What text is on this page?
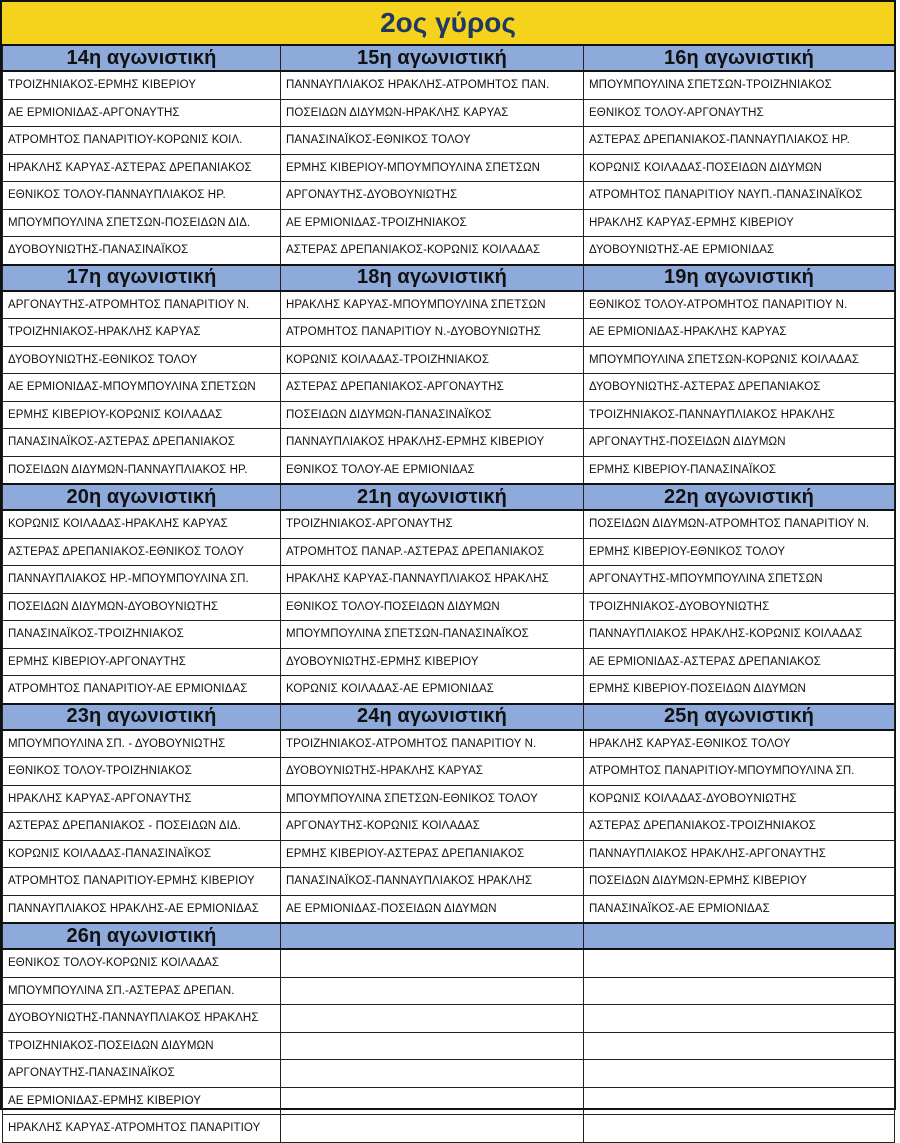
2ος γύρος
14η αγωνιστική	15η αγωνιστική	16η αγωνιστική
ΤΡΟΙΖΗΝΙΑΚΟΣ-ΕΡΜΗΣ ΚΙΒΕΡΙΟΥ	ΠΑΝΝΑΥΠΛΙΑΚΟΣ ΗΡΑΚΛΗΣ-ΑΤΡΟΜΗΤΟΣ ΠΑΝ.	ΜΠΟΥΜΠΟΥΛΙΝΑ ΣΠΕΤΣΩΝ-ΤΡΟΙΖΗΝΙΑΚΟΣ
ΑΕ ΕΡΜΙΟΝΙΔΑΣ-ΑΡΓΟΝΑΥΤΗΣ	ΠΟΣΕΙΔΩΝ ΔΙΔΥΜΩΝ-ΗΡΑΚΛΗΣ ΚΑΡΥΑΣ	ΕΘΝΙΚΟΣ ΤΟΛΟΥ-ΑΡΓΟΝΑΥΤΗΣ
ΑΤΡΟΜΗΤΟΣ ΠΑΝΑΡΙΤΙΟΥ-ΚΟΡΩΝΙΣ ΚΟΙΛ.	ΠΑΝΑΣΙΝΑΪΚΟΣ-ΕΘΝΙΚΟΣ ΤΟΛΟΥ	ΑΣΤΕΡΑΣ ΔΡΕΠΑΝΙΑΚΟΣ-ΠΑΝΝΑΥΠΛΙΑΚΟΣ ΗΡ.
ΗΡΑΚΛΗΣ ΚΑΡΥΑΣ-ΑΣΤΕΡΑΣ ΔΡΕΠΑΝΙΑΚΟΣ	ΕΡΜΗΣ ΚΙΒΕΡΙΟΥ-ΜΠΟΥΜΠΟΥΛΙΝΑ ΣΠΕΤΣΩΝ	ΚΟΡΩΝΙΣ ΚΟΙΛΑΔΑΣ-ΠΟΣΕΙΔΩΝ ΔΙΔΥΜΩΝ
ΕΘΝΙΚΟΣ ΤΟΛΟΥ-ΠΑΝΝΑΥΠΛΙΑΚΟΣ ΗΡ.	ΑΡΓΟΝΑΥΤΗΣ-ΔΥΟΒΟΥΝΙΩΤΗΣ	ΑΤΡΟΜΗΤΟΣ ΠΑΝΑΡΙΤΙΟΥ ΝΑΥΠ.-ΠΑΝΑΣΙΝΑΪΚΟΣ
ΜΠΟΥΜΠΟΥΛΙΝΑ ΣΠΕΤΣΩΝ-ΠΟΣΕΙΔΩΝ ΔΙΔ.	ΑΕ ΕΡΜΙΟΝΙΔΑΣ-ΤΡΟΙΖΗΝΙΑΚΟΣ	ΗΡΑΚΛΗΣ ΚΑΡΥΑΣ-ΕΡΜΗΣ ΚΙΒΕΡΙΟΥ
ΔΥΟΒΟΥΝΙΩΤΗΣ-ΠΑΝΑΣΙΝΑΪΚΟΣ	ΑΣΤΕΡΑΣ ΔΡΕΠΑΝΙΑΚΟΣ-ΚΟΡΩΝΙΣ ΚΟΙΛΑΔΑΣ	ΔΥΟΒΟΥΝΙΩΤΗΣ-ΑΕ ΕΡΜΙΟΝΙΔΑΣ
17η αγωνιστική	18η αγωνιστική	19η αγωνιστική
ΑΡΓΟΝΑΥΤΗΣ-ΑΤΡΟΜΗΤΟΣ ΠΑΝΑΡΙΤΙΟΥ Ν.	ΗΡΑΚΛΗΣ ΚΑΡΥΑΣ-ΜΠΟΥΜΠΟΥΛΙΝΑ ΣΠΕΤΣΩΝ	ΕΘΝΙΚΟΣ ΤΟΛΟΥ-ΑΤΡΟΜΗΤΟΣ ΠΑΝΑΡΙΤΙΟΥ Ν.
ΤΡΟΙΖΗΝΙΑΚΟΣ-ΗΡΑΚΛΗΣ ΚΑΡΥΑΣ	ΑΤΡΟΜΗΤΟΣ ΠΑΝΑΡΙΤΙΟΥ Ν.-ΔΥΟΒΟΥΝΙΩΤΗΣ	ΑΕ ΕΡΜΙΟΝΙΔΑΣ-ΗΡΑΚΛΗΣ ΚΑΡΥΑΣ
ΔΥΟΒΟΥΝΙΩΤΗΣ-ΕΘΝΙΚΟΣ ΤΟΛΟΥ	ΚΟΡΩΝΙΣ ΚΟΙΛΑΔΑΣ-ΤΡΟΙΖΗΝΙΑΚΟΣ	ΜΠΟΥΜΠΟΥΛΙΝΑ ΣΠΕΤΣΩΝ-ΚΟΡΩΝΙΣ ΚΟΙΛΑΔΑΣ
ΑΕ ΕΡΜΙΟΝΙΔΑΣ-ΜΠΟΥΜΠΟΥΛΙΝΑ ΣΠΕΤΣΩΝ	ΑΣΤΕΡΑΣ ΔΡΕΠΑΝΙΑΚΟΣ-ΑΡΓΟΝΑΥΤΗΣ	ΔΥΟΒΟΥΝΙΩΤΗΣ-ΑΣΤΕΡΑΣ ΔΡΕΠΑΝΙΑΚΟΣ
ΕΡΜΗΣ ΚΙΒΕΡΙΟΥ-ΚΟΡΩΝΙΣ ΚΟΙΛΑΔΑΣ	ΠΟΣΕΙΔΩΝ ΔΙΔΥΜΩΝ-ΠΑΝΑΣΙΝΑΪΚΟΣ	ΤΡΟΙΖΗΝΙΑΚΟΣ-ΠΑΝΝΑΥΠΛΙΑΚΟΣ ΗΡΑΚΛΗΣ
ΠΑΝΑΣΙΝΑΪΚΟΣ-ΑΣΤΕΡΑΣ ΔΡΕΠΑΝΙΑΚΟΣ	ΠΑΝΝΑΥΠΛΙΑΚΟΣ ΗΡΑΚΛΗΣ-ΕΡΜΗΣ ΚΙΒΕΡΙΟΥ	ΑΡΓΟΝΑΥΤΗΣ-ΠΟΣΕΙΔΩΝ ΔΙΔΥΜΩΝ
ΠΟΣΕΙΔΩΝ ΔΙΔΥΜΩΝ-ΠΑΝΝΑΥΠΛΙΑΚΟΣ ΗΡ.	ΕΘΝΙΚΟΣ ΤΟΛΟΥ-ΑΕ ΕΡΜΙΟΝΙΔΑΣ	ΕΡΜΗΣ ΚΙΒΕΡΙΟΥ-ΠΑΝΑΣΙΝΑΪΚΟΣ
20η αγωνιστική	21η αγωνιστική	22η αγωνιστική
ΚΟΡΩΝΙΣ ΚΟΙΛΑΔΑΣ-ΗΡΑΚΛΗΣ ΚΑΡΥΑΣ	ΤΡΟΙΖΗΝΙΑΚΟΣ-ΑΡΓΟΝΑΥΤΗΣ	ΠΟΣΕΙΔΩΝ ΔΙΔΥΜΩΝ-ΑΤΡΟΜΗΤΟΣ ΠΑΝΑΡΙΤΙΟΥ Ν.
ΑΣΤΕΡΑΣ ΔΡΕΠΑΝΙΑΚΟΣ-ΕΘΝΙΚΟΣ ΤΟΛΟΥ	ΑΤΡΟΜΗΤΟΣ ΠΑΝΑΡ.-ΑΣΤΕΡΑΣ ΔΡΕΠΑΝΙΑΚΟΣ	ΕΡΜΗΣ ΚΙΒΕΡΙΟΥ-ΕΘΝΙΚΟΣ ΤΟΛΟΥ
ΠΑΝΝΑΥΠΛΙΑΚΟΣ ΗΡ.-ΜΠΟΥΜΠΟΥΛΙΝΑ ΣΠ.	ΗΡΑΚΛΗΣ ΚΑΡΥΑΣ-ΠΑΝΝΑΥΠΛΙΑΚΟΣ ΗΡΑΚΛΗΣ	ΑΡΓΟΝΑΥΤΗΣ-ΜΠΟΥΜΠΟΥΛΙΝΑ ΣΠΕΤΣΩΝ
ΠΟΣΕΙΔΩΝ ΔΙΔΥΜΩΝ-ΔΥΟΒΟΥΝΙΩΤΗΣ	ΕΘΝΙΚΟΣ ΤΟΛΟΥ-ΠΟΣΕΙΔΩΝ ΔΙΔΥΜΩΝ	ΤΡΟΙΖΗΝΙΑΚΟΣ-ΔΥΟΒΟΥΝΙΩΤΗΣ
ΠΑΝΑΣΙΝΑΪΚΟΣ-ΤΡΟΙΖΗΝΙΑΚΟΣ	ΜΠΟΥΜΠΟΥΛΙΝΑ ΣΠΕΤΣΩΝ-ΠΑΝΑΣΙΝΑΪΚΟΣ	ΠΑΝΝΑΥΠΛΙΑΚΟΣ ΗΡΑΚΛΗΣ-ΚΟΡΩΝΙΣ ΚΟΙΛΑΔΑΣ
ΕΡΜΗΣ ΚΙΒΕΡΙΟΥ-ΑΡΓΟΝΑΥΤΗΣ	ΔΥΟΒΟΥΝΙΩΤΗΣ-ΕΡΜΗΣ ΚΙΒΕΡΙΟΥ	ΑΕ ΕΡΜΙΟΝΙΔΑΣ-ΑΣΤΕΡΑΣ ΔΡΕΠΑΝΙΑΚΟΣ
ΑΤΡΟΜΗΤΟΣ ΠΑΝΑΡΙΤΙΟΥ-ΑΕ ΕΡΜΙΟΝΙΔΑΣ	ΚΟΡΩΝΙΣ ΚΟΙΛΑΔΑΣ-ΑΕ ΕΡΜΙΟΝΙΔΑΣ	ΕΡΜΗΣ ΚΙΒΕΡΙΟΥ-ΠΟΣΕΙΔΩΝ ΔΙΔΥΜΩΝ
23η αγωνιστική	24η αγωνιστική	25η αγωνιστική
ΜΠΟΥΜΠΟΥΛΙΝΑ ΣΠ. - ΔΥΟΒΟΥΝΙΩΤΗΣ	ΤΡΟΙΖΗΝΙΑΚΟΣ-ΑΤΡΟΜΗΤΟΣ ΠΑΝΑΡΙΤΙΟΥ Ν.	ΗΡΑΚΛΗΣ ΚΑΡΥΑΣ-ΕΘΝΙΚΟΣ ΤΟΛΟΥ
ΕΘΝΙΚΟΣ ΤΟΛΟΥ-ΤΡΟΙΖΗΝΙΑΚΟΣ	ΔΥΟΒΟΥΝΙΩΤΗΣ-ΗΡΑΚΛΗΣ ΚΑΡΥΑΣ	ΑΤΡΟΜΗΤΟΣ ΠΑΝΑΡΙΤΙΟΥ-ΜΠΟΥΜΠΟΥΛΙΝΑ ΣΠ.
ΗΡΑΚΛΗΣ ΚΑΡΥΑΣ-ΑΡΓΟΝΑΥΤΗΣ	ΜΠΟΥΜΠΟΥΛΙΝΑ ΣΠΕΤΣΩΝ-ΕΘΝΙΚΟΣ ΤΟΛΟΥ	ΚΟΡΩΝΙΣ ΚΟΙΛΑΔΑΣ-ΔΥΟΒΟΥΝΙΩΤΗΣ
ΑΣΤΕΡΑΣ ΔΡΕΠΑΝΙΑΚΟΣ - ΠΟΣΕΙΔΩΝ ΔΙΔ.	ΑΡΓΟΝΑΥΤΗΣ-ΚΟΡΩΝΙΣ ΚΟΙΛΑΔΑΣ	ΑΣΤΕΡΑΣ ΔΡΕΠΑΝΙΑΚΟΣ-ΤΡΟΙΖΗΝΙΑΚΟΣ
ΚΟΡΩΝΙΣ ΚΟΙΛΑΔΑΣ-ΠΑΝΑΣΙΝΑΪΚΟΣ	ΕΡΜΗΣ ΚΙΒΕΡΙΟΥ-ΑΣΤΕΡΑΣ ΔΡΕΠΑΝΙΑΚΟΣ	ΠΑΝΝΑΥΠΛΙΑΚΟΣ ΗΡΑΚΛΗΣ-ΑΡΓΟΝΑΥΤΗΣ
ΑΤΡΟΜΗΤΟΣ ΠΑΝΑΡΙΤΙΟΥ-ΕΡΜΗΣ ΚΙΒΕΡΙΟΥ	ΠΑΝΑΣΙΝΑΪΚΟΣ-ΠΑΝΝΑΥΠΛΙΑΚΟΣ ΗΡΑΚΛΗΣ	ΠΟΣΕΙΔΩΝ ΔΙΔΥΜΩΝ-ΕΡΜΗΣ ΚΙΒΕΡΙΟΥ
ΠΑΝΝΑΥΠΛΙΑΚΟΣ ΗΡΑΚΛΗΣ-ΑΕ ΕΡΜΙΟΝΙΔΑΣ	ΑΕ ΕΡΜΙΟΝΙΔΑΣ-ΠΟΣΕΙΔΩΝ ΔΙΔΥΜΩΝ	ΠΑΝΑΣΙΝΑΪΚΟΣ-ΑΕ ΕΡΜΙΟΝΙΔΑΣ
26η αγωνιστική		
ΕΘΝΙΚΟΣ ΤΟΛΟΥ-ΚΟΡΩΝΙΣ ΚΟΙΛΑΔΑΣ		
ΜΠΟΥΜΠΟΥΛΙΝΑ ΣΠ.-ΑΣΤΕΡΑΣ ΔΡΕΠΑΝ.		
ΔΥΟΒΟΥΝΙΩΤΗΣ-ΠΑΝΝΑΥΠΛΙΑΚΟΣ ΗΡΑΚΛΗΣ		
ΤΡΟΙΖΗΝΙΑΚΟΣ-ΠΟΣΕΙΔΩΝ ΔΙΔΥΜΩΝ		
ΑΡΓΟΝΑΥΤΗΣ-ΠΑΝΑΣΙΝΑΪΚΟΣ		
ΑΕ ΕΡΜΙΟΝΙΔΑΣ-ΕΡΜΗΣ ΚΙΒΕΡΙΟΥ		
ΗΡΑΚΛΗΣ ΚΑΡΥΑΣ-ΑΤΡΟΜΗΤΟΣ ΠΑΝΑΡΙΤΙΟΥ		
